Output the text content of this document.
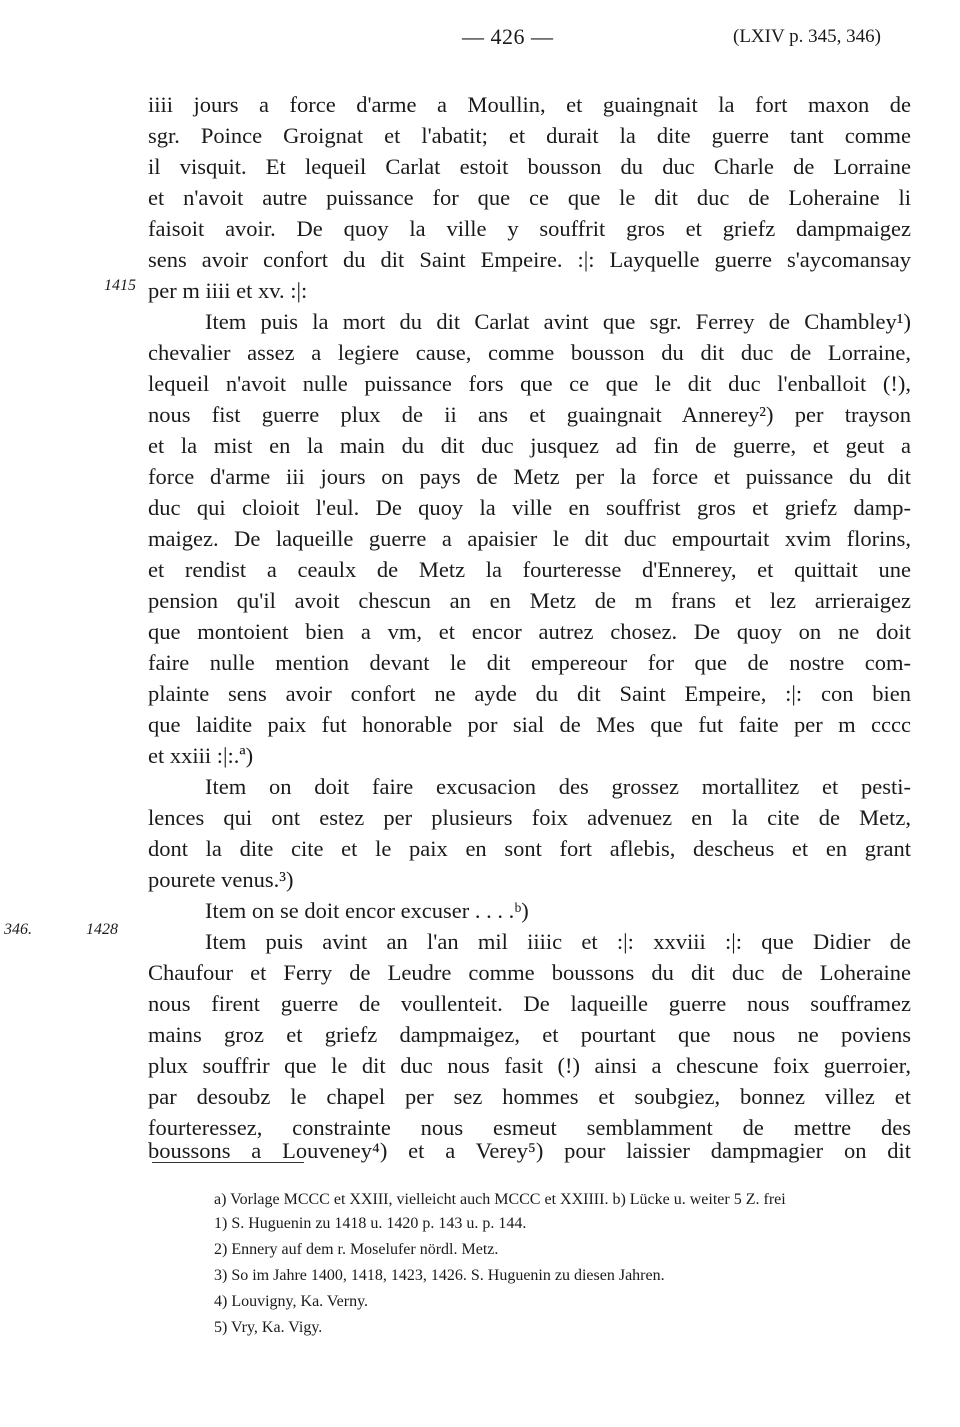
— 426 —	(LXIV p. 345, 346)
1415
346.	1428
iiii jours a force d'arme a Moullin, et guaingnait la fort maxon de
sgr. Poince Groignat et l'abatit; et durait la dite guerre tant comme
il visquit. Et lequeil Carlat estoit bousson du duc Charle de Lorraine
et n'avoit autre puissance for que ce que le dit duc de Loheraine li
faisoit avoir. De quoy la ville y souffrit gros et griefz dampmaigez
sens avoir confort du dit Saint Empeire. :|: Layquelle guerre s'aycomansay
per m iiii et xv. :|:
Item puis la mort du dit Carlat avint que sgr. Ferrey de Chambley¹)
chevalier assez a legiere cause, comme bousson du dit duc de Lorraine,
lequeil n'avoit nulle puissance fors que ce que le dit duc l'enballoit (!),
nous fist guerre plux de ii ans et guaingnait Annerey²) per trayson
et la mist en la main du dit duc jusquez ad fin de guerre, et geut a
force d'arme iii jours on pays de Metz per la force et puissance du dit
duc qui cloioit l'eul. De quoy la ville en souffrist gros et griefz damp-
maigez. De laqueille guerre a apaisier le dit duc empourtait xvim florins,
et rendist a ceaulx de Metz la fourteresse d'Ennerey, et quittait une
pension qu'il avoit chescun an en Metz de m frans et lez arrieraigez
que montoient bien a vm, et encor autrez chosez. De quoy on ne doit
faire nulle mention devant le dit empereour for que de nostre com-
plainte sens avoir confort ne ayde du dit Saint Empeire, :|: con bien
que laidite paix fut honorable por sial de Mes que fut faite per m cccc
et xxiii :|:.ª)
Item on doit faire excusacion des grossez mortallitez et pesti-
lences qui ont estez per plusieurs foix advenuez en la cite de Metz,
dont la dite cite et le paix en sont fort aflebis, descheus et en grant
pourete venus.³)
Item on se doit encor excuser . . . .ᵇ)
Item puis avint an l'an mil iiiic et :|: xxviii :|: que Didier de
Chaufour et Ferry de Leudre comme boussons du dit duc de Loheraine
nous firent guerre de voullenteit. De laqueille guerre nous soufframez
mains groz et griefz dampmaigez, et pourtant que nous ne poviens
plux souffrir que le dit duc nous fasit (!) ainsi a chescune foix guerroier,
par desoubz le chapel per sez hommes et soubgiez, bonnez villez et
fourteressez, constrainte nous esmeut semblamment de mettre des
boussons a Louveney⁴) et a Verey⁵) pour laissier dampmagier on dit
a) Vorlage MCCC et XXIII, vielleicht auch MCCC et XXIIII. b) Lücke u. weiter 5 Z. frei
1) S. Huguenin zu 1418 u. 1420 p. 143 u. p. 144.
2) Ennery auf dem r. Moselufer nördl. Metz.
3) So im Jahre 1400, 1418, 1423, 1426. S. Huguenin zu diesen Jahren.
4) Louvigny, Ka. Verny.
5) Vry, Ka. Vigy.
